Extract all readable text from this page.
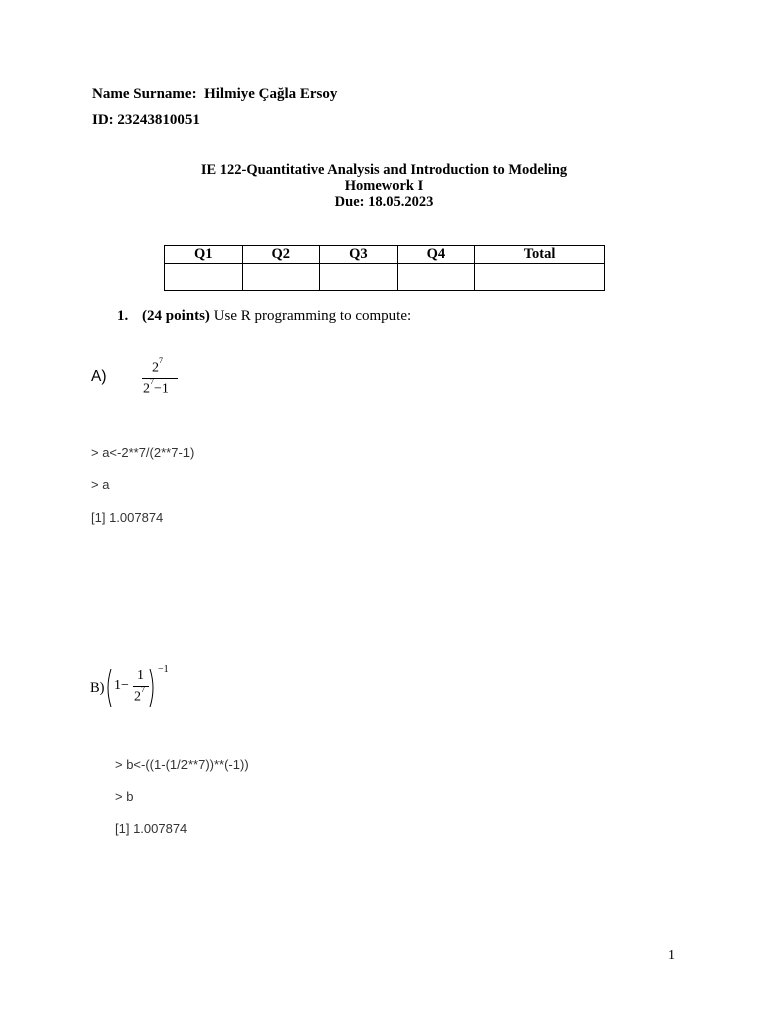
Name Surname:  Hilmiye Çağla Ersoy
ID: 23243810051
IE 122-Quantitative Analysis and Introduction to Modeling
Homework I
Due: 18.05.2023
Q1	Q2	Q3	Q4	Total

1. (24 points) Use R programming to compute:
A)	$2^7$
$2^7-1$
> a<-2**7/(2**7-1)
> a
[1] 1.007874
B) 1−
1
$2^7$
−1
> b<-((1-(1/2**7))**(-1))
> b
[1] 1.007874
1
